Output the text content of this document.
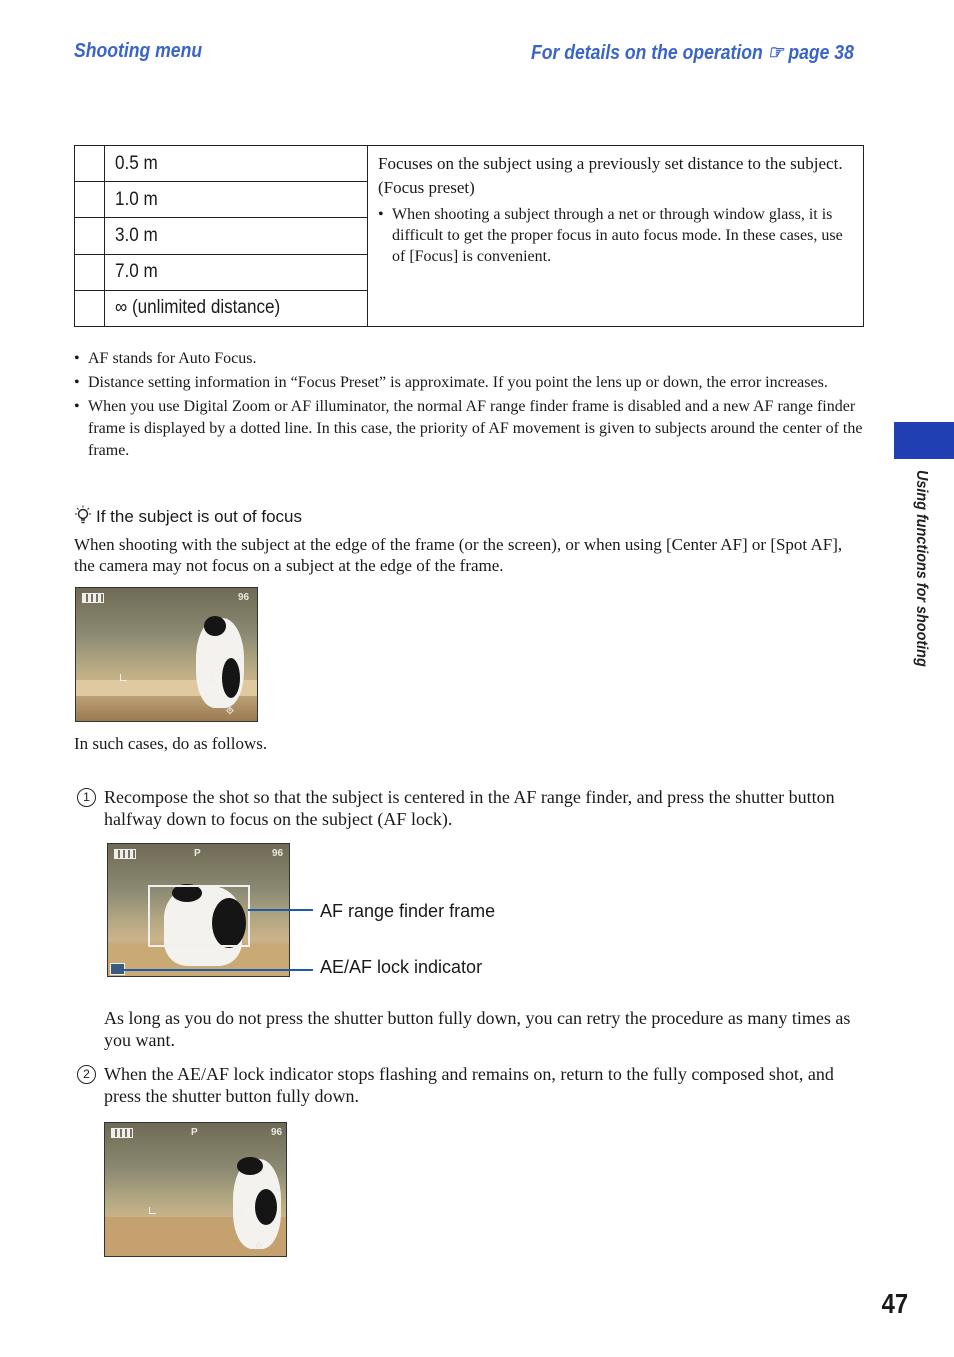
Shooting menu	For details on the operation ☞ page 38
	0.5 m	Focuses on the subject using a previously set distance to the subject. (Focus preset)
• When shooting a subject through a net or through window glass, it is difficult to get the proper focus in auto focus mode. In these cases, use of [Focus] is convenient.

	1.0 m	
	3.0 m	
	7.0 m	
	∞ (unlimited distance)	
• AF stands for Auto Focus.
• Distance setting information in “Focus Preset” is approximate. If you point the lens up or down, the error increases.
• When you use Digital Zoom or AF illuminator, the normal AF range finder frame is disabled and a new AF range finder frame is displayed by a dotted line. In this case, the priority of AF movement is given to subjects around the center of the frame.
If the subject is out of focus
When shooting with the subject at the edge of the frame (or the screen), or when using [Center AF] or [Spot AF], the camera may not focus on a subject at the edge of the frame.
96
⟐
In such cases, do as follows.
1 Recompose the shot so that the subject is centered in the AF range finder, and press the shutter button halfway down to focus on the subject (AF lock).
P	96
AF range finder frame
AE/AF lock indicator
As long as you do not press the shutter button fully down, you can retry the procedure as many times as you want.
2 When the AE/AF lock indicator stops flashing and remains on, return to the fully composed shot, and press the shutter button fully down.
P	96
⟐
Using functions for shooting
47
